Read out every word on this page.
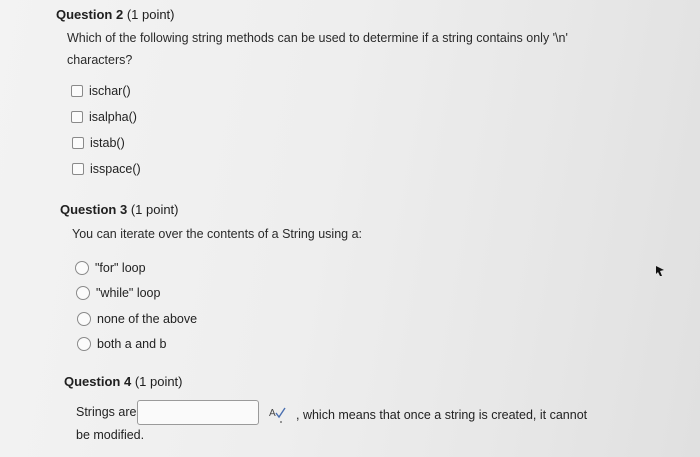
Question 2 (1 point)
Which of the following string methods can be used to determine if a string contains only '\n'
characters?
ischar()
isalpha()
istab()
isspace()
Question 3 (1 point)
You can iterate over the contents of a String using a:
"for" loop
"while" loop
none of the above
both a and b
Question 4 (1 point)
Strings are	A , which means that once a string is created, it cannot
be modified.
